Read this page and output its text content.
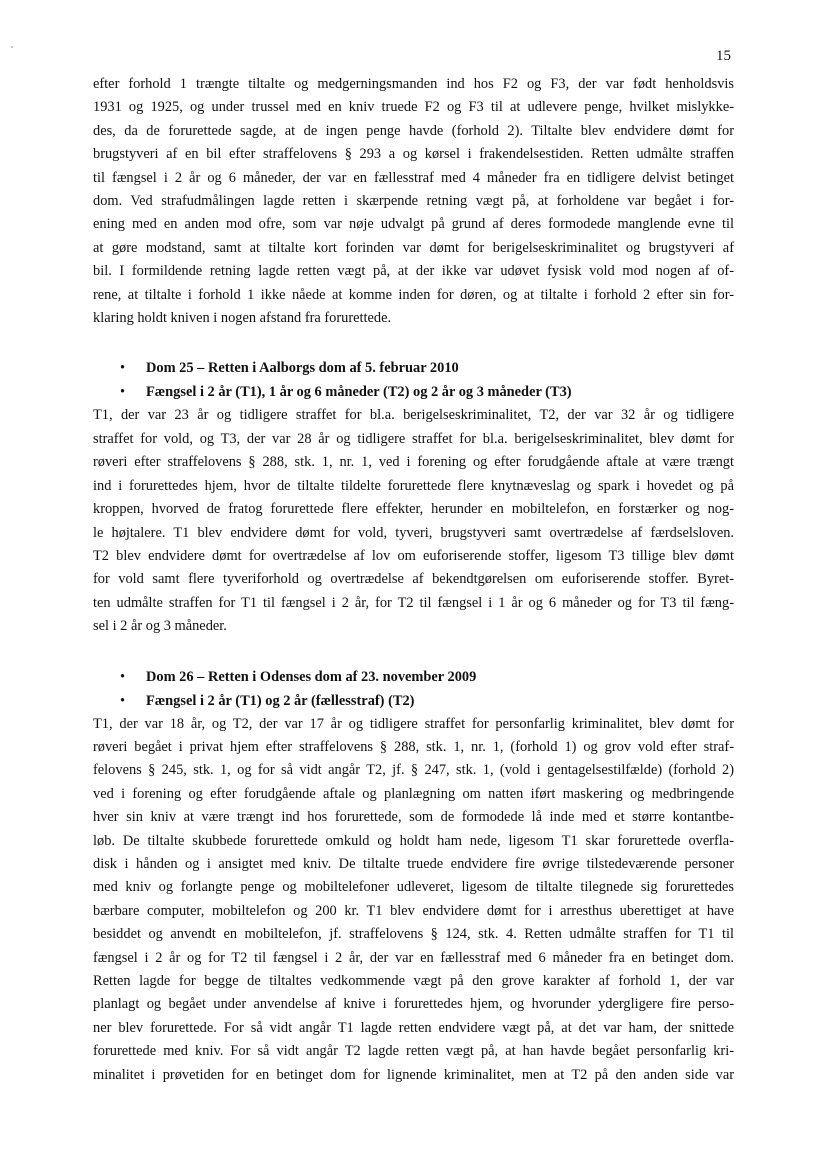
15

efter forhold 1 trængte tiltalte og medgerningsmanden ind hos F2 og F3, der var født henholdsvis
1931 og 1925, og under trussel med en kniv truede F2 og F3 til at udlevere penge, hvilket mislykke-
des, da de forurettede sagde, at de ingen penge havde (forhold 2). Tiltalte blev endvidere dømt for
brugstyveri af en bil efter straffelovens § 293 a og kørsel i frakendelsestiden. Retten udmålte straffen
til fængsel i 2 år og 6 måneder, der var en fællesstraf med 4 måneder fra en tidligere delvist betinget
dom. Ved strafudmålingen lagde retten i skærpende retning vægt på, at forholdene var begået i for-
ening med en anden mod ofre, som var nøje udvalgt på grund af deres formodede manglende evne til
at gøre modstand, samt at tiltalte kort forinden var dømt for berigelseskriminalitet og brugstyveri af
bil. I formildende retning lagde retten vægt på, at der ikke var udøvet fysisk vold mod nogen af of-
rene, at tiltalte i forhold 1 ikke nåede at komme inden for døren, og at tiltalte i forhold 2 efter sin for-
klaring holdt kniven i nogen afstand fra forurettede.

• Dom 25 – Retten i Aalborgs dom af 5. februar 2010
• Fængsel i 2 år (T1), 1 år og 6 måneder (T2) og 2 år og 3 måneder (T3)

T1, der var 23 år og tidligere straffet for bl.a. berigelseskriminalitet, T2, der var 32 år og tidligere
straffet for vold, og T3, der var 28 år og tidligere straffet for bl.a. berigelseskriminalitet, blev dømt for
røveri efter straffelovens § 288, stk. 1, nr. 1, ved i forening og efter forudgående aftale at være trængt
ind i forurettedes hjem, hvor de tiltalte tildelte forurettede flere knytnæveslag og spark i hovedet og på
kroppen, hvorved de fratog forurettede flere effekter, herunder en mobiltelefon, en forstærker og nog-
le højtalere. T1 blev endvidere dømt for vold, tyveri, brugstyveri samt overtrædelse af færdselsloven.
T2 blev endvidere dømt for overtrædelse af lov om euforiserende stoffer, ligesom T3 tillige blev dømt
for vold samt flere tyveriforhold og overtrædelse af bekendtgørelsen om euforiserende stoffer. Byret-
ten udmålte straffen for T1 til fængsel i 2 år, for T2 til fængsel i 1 år og 6 måneder og for T3 til fæng-
sel i 2 år og 3 måneder.

• Dom 26 – Retten i Odenses dom af 23. november 2009
• Fængsel i 2 år (T1) og 2 år (fællesstraf) (T2)

T1, der var 18 år, og T2, der var 17 år og tidligere straffet for personfarlig kriminalitet, blev dømt for
røveri begået i privat hjem efter straffelovens § 288, stk. 1, nr. 1, (forhold 1) og grov vold efter straf-
felovens § 245, stk. 1, og for så vidt angår T2, jf. § 247, stk. 1, (vold i gentagelsestilfælde) (forhold 2)
ved i forening og efter forudgående aftale og planlægning om natten iført maskering og medbringende
hver sin kniv at være trængt ind hos forurettede, som de formodede lå inde med et større kontantbe-
løb. De tiltalte skubbede forurettede omkuld og holdt ham nede, ligesom T1 skar forurettede overfla-
disk i hånden og i ansigtet med kniv. De tiltalte truede endvidere fire øvrige tilstedeværende personer
med kniv og forlangte penge og mobiltelefoner udleveret, ligesom de tiltalte tilegnede sig forurettedes
bærbare computer, mobiltelefon og 200 kr. T1 blev endvidere dømt for i arresthus uberettiget at have
besiddet og anvendt en mobiltelefon, jf. straffelovens § 124, stk. 4. Retten udmålte straffen for T1 til
fængsel i 2 år og for T2 til fængsel i 2 år, der var en fællesstraf med 6 måneder fra en betinget dom.
Retten lagde for begge de tiltaltes vedkommende vægt på den grove karakter af forhold 1, der var
planlagt og begået under anvendelse af knive i forurettedes hjem, og hvorunder ydergligere fire perso-
ner blev forurettede. For så vidt angår T1 lagde retten endvidere vægt på, at det var ham, der snittede
forurettede med kniv. For så vidt angår T2 lagde retten vægt på, at han havde begået personfarlig kri-
minalitet i prøvetiden for en betinget dom for lignende kriminalitet, men at T2 på den anden side var
